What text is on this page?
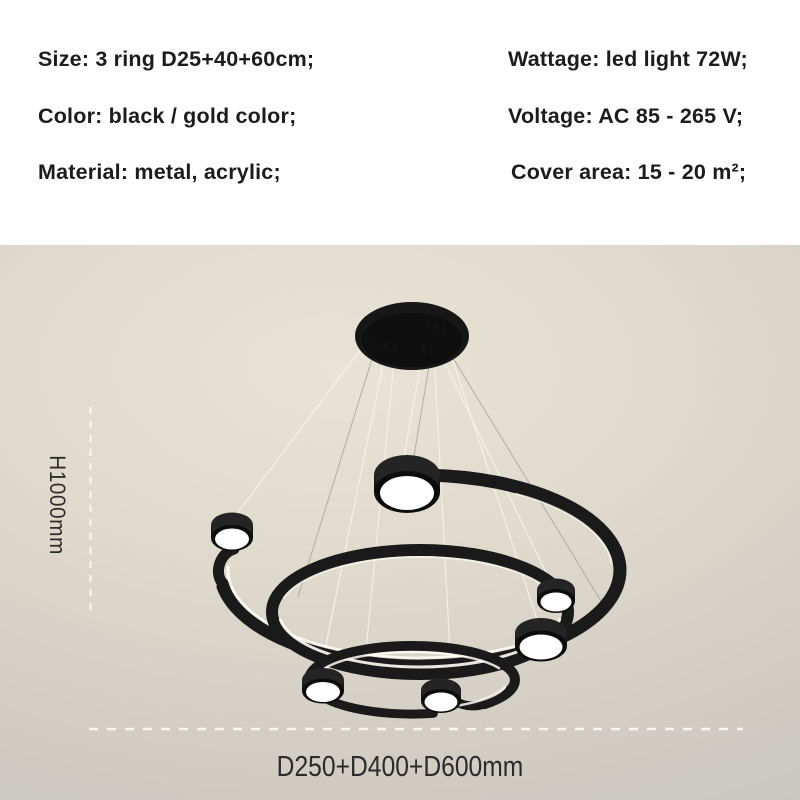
Size: 3 ring D25+40+60cm;
Color: black / gold color;
Material: metal, acrylic;
Wattage: led light 72W;
Voltage: AC 85 - 265 V;
Cover area: 15 - 20 m²;
H1000mm
D250+D400+D600mm
